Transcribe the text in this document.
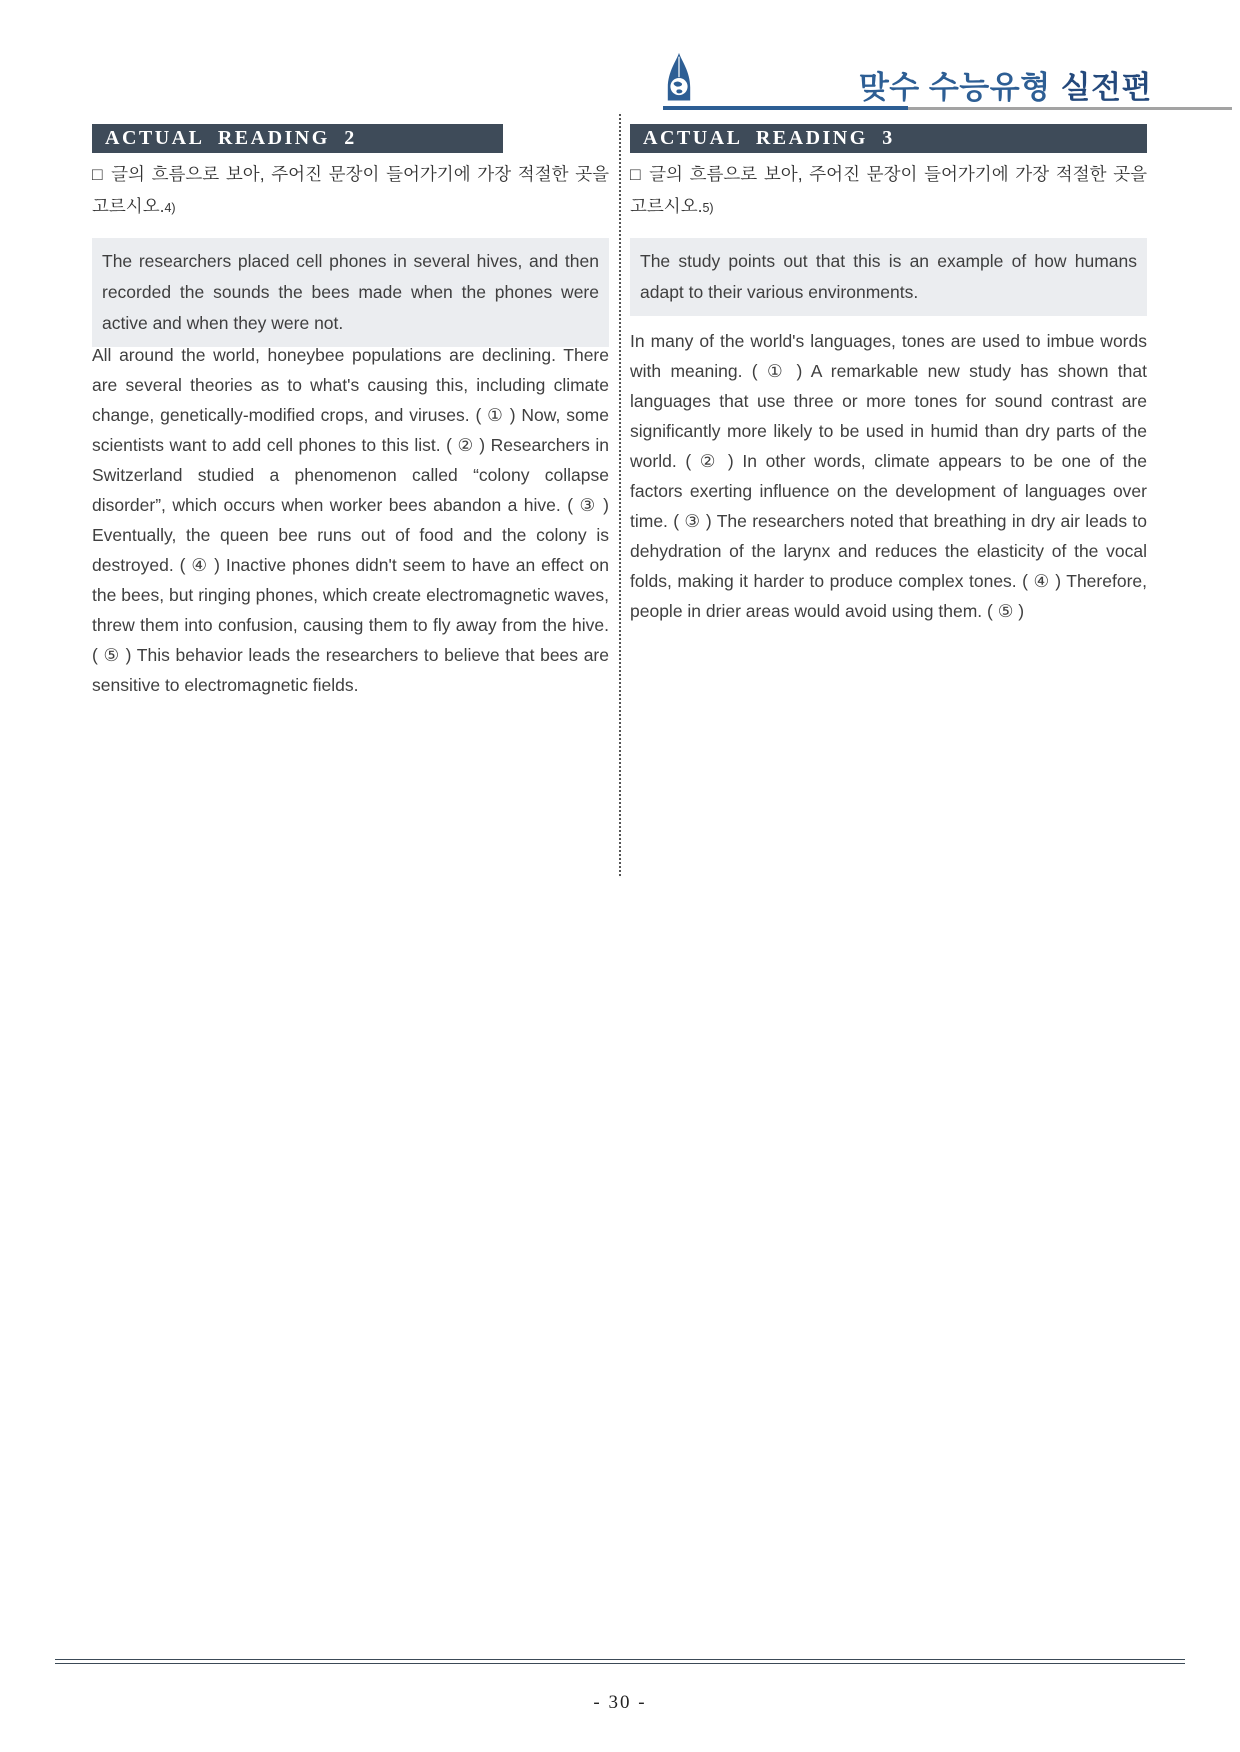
맞수 수능유형 실전편
ACTUAL READING 2

□ 글의 흐름으로 보아, 주어진 문장이 들어가기에 가장 적절한 곳을 고르시오.4)

The researchers placed cell phones in several hives, and then recorded the sounds the bees made when the phones were active and when they were not.

All around the world, honeybee populations are declining. There are several theories as to what's causing this, including climate change, genetically-modified crops, and viruses. ( ① ) Now, some scientists want to add cell phones to this list. ( ② ) Researchers in Switzerland studied a phenomenon called “colony collapse disorder”, which occurs when worker bees abandon a hive. ( ③ ) Eventually, the queen bee runs out of food and the colony is destroyed. ( ④ ) Inactive phones didn't seem to have an effect on the bees, but ringing phones, which create electromagnetic waves, threw them into confusion, causing them to fly away from the hive. ( ⑤ ) This behavior leads the researchers to believe that bees are sensitive to electromagnetic fields.

ACTUAL READING 3

□ 글의 흐름으로 보아, 주어진 문장이 들어가기에 가장 적절한 곳을 고르시오.5)

The study points out that this is an example of how humans adapt to their various environments.

In many of the world's languages, tones are used to imbue words with meaning. ( ① ) A remarkable new study has shown that languages that use three or more tones for sound contrast are significantly more likely to be used in humid than dry parts of the world. ( ② ) In other words, climate appears to be one of the factors exerting influence on the development of languages over time. ( ③ ) The researchers noted that breathing in dry air leads to dehydration of the larynx and reduces the elasticity of the vocal folds, making it harder to produce complex tones. ( ④ ) Therefore, people in drier areas would avoid using them. ( ⑤ )

- 30 -
